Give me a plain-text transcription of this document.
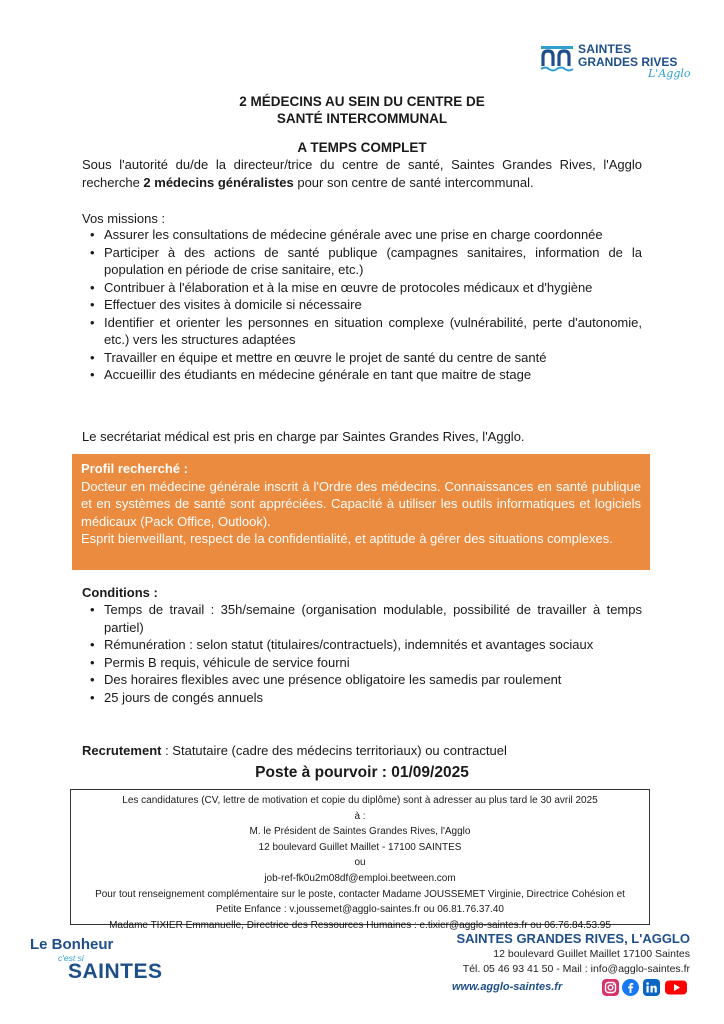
SAINTES
GRANDES RIVES
L'Agglo
2 MÉDECINS AU SEIN DU CENTRE DE
SANTÉ INTERCOMMUNAL
A TEMPS COMPLET
Sous l'autorité du/de la directeur/trice du centre de santé, Saintes Grandes Rives, l'Agglo recherche 2 médecins généralistes pour son centre de santé intercommunal.
Vos missions :
• Assurer les consultations de médecine générale avec une prise en charge coordonnée
• Participer à des actions de santé publique (campagnes sanitaires, information de la population en période de crise sanitaire, etc.)
• Contribuer à l'élaboration et à la mise en œuvre de protocoles médicaux et d'hygiène
• Effectuer des visites à domicile si nécessaire
• Identifier et orienter les personnes en situation complexe (vulnérabilité, perte d'autonomie, etc.) vers les structures adaptées
• Travailler en équipe et mettre en œuvre le projet de santé du centre de santé
• Accueillir des étudiants en médecine générale en tant que maitre de stage
Le secrétariat médical est pris en charge par Saintes Grandes Rives, l'Agglo.
Profil recherché :

Docteur en médecine générale inscrit à l'Ordre des médecins. Connaissances en santé publique et en systèmes de santé sont appréciées. Capacité à utiliser les outils informatiques et logiciels médicaux (Pack Office, Outlook).

Esprit bienveillant, respect de la confidentialité, et aptitude à gérer des situations complexes.

Conditions :
• Temps de travail : 35h/semaine (organisation modulable, possibilité de travailler à temps partiel)
• Rémunération : selon statut (titulaires/contractuels), indemnités et avantages sociaux
• Permis B requis, véhicule de service fourni
• Des horaires flexibles avec une présence obligatoire les samedis par roulement
• 25 jours de congés annuels
Recrutement : Statutaire (cadre des médecins territoriaux) ou contractuel
Poste à pourvoir : 01/09/2025
Les candidatures (CV, lettre de motivation et copie du diplôme) sont à adresser au plus tard le 30 avril 2025
à :
M. le Président de Saintes Grandes Rives, l'Agglo
12 boulevard Guillet Maillet - 17100 SAINTES
ou
job-ref-fk0u2m08df@emploi.beetween.com
Pour tout renseignement complémentaire sur le poste, contacter Madame JOUSSEMET Virginie, Directrice Cohésion et
Petite Enfance : v.joussemet@agglo-saintes.fr ou 06.81.76.37.40
Madame TIXIER Emmanuelle, Directrice des Ressources Humaines : e.tixier@agglo-saintes.fr ou 06.76.84.53.95
Le Bonheur
c'est si
SAINTES
SAINTES GRANDES RIVES, L'AGGLO
12 boulevard Guillet Maillet 17100 Saintes
Tél. 05 46 93 41 50 - Mail : info@agglo-saintes.fr
www.agglo-saintes.fr
